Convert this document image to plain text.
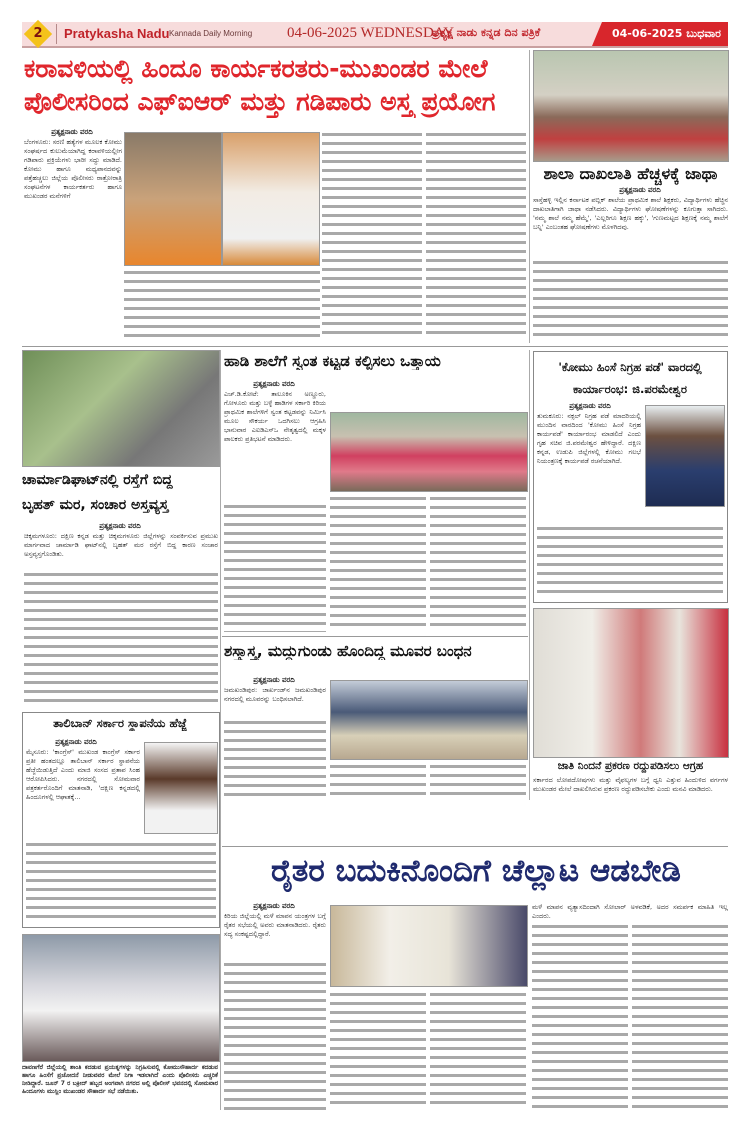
2	Pratykasha Nadu Kannada Daily Morning 04-06-2025 WEDNESDAY
ಪ್ರತ್ಯಕ್ಷ ನಾಡು ಕನ್ನಡ ದಿನ ಪತ್ರಿಕೆ	04-06-2025 ಬುಧವಾರ
ಕರಾವಳಿಯಲ್ಲಿ ಹಿಂದೂ ಕಾರ್ಯಕರತರು-ಮುಖಂಡರ ಮೇಲೆ
ಪೊಲೀಸರಿಂದ ಎಫ್‌ಐಆರ್ ಮತ್ತು ಗಡಿಪಾರು ಅಸ್ತ್ರ ಪ್ರಯೋಗ
ಪ್ರತ್ಯಕ್ಷನಾಡು ವರದಿ
ಬೆಂಗಳೂರು: ಸರಣಿ ಹತ್ಯೆಗಳ ಮೂಲಕ ಕೋಮು ಸಂಘರ್ಷದ ಕುಲುಮೆಯಾಗಿದ್ದ ಕರಾವಳಿಯಲ್ಲೀಗ ಗಡಿಪಾರು ಪ್ರಕ್ರಿಯೆಗಳು ಭಾರೀ ಸದ್ದು ಮಾಡಿದೆ. ಕೋಮು ಹಾಗೂ ಮಧ್ಯಪಾನದವನ್ನು ಪತ್ತೆಹಚ್ಚಲು ಜಿಲ್ಲೆಯ ಪೊಲೀಸರು ರಾತ್ರೋರಾತ್ರಿ ಸಂಘಟನೆಗಳ ಕಾರ್ಯಕರ್ತರು ಹಾಗೂ ಮುಖಂಡರ ಮನೆಗಳಿಗೆ
ಶಾಲಾ ದಾಖಲಾತಿ ಹೆಚ್ಚಳಕ್ಕೆ ಜಾಥಾ
ಪ್ರತ್ಯಕ್ಷನಾಡು ವರದಿ
ಸಾಸ್ತೆಹಳ್ಳಿ ಇಲ್ಲಿನ ಕರ್ನಾಟಕ ಪಬ್ಲಿಕ್ ಶಾಲೆಯ ಪ್ರಾಥಮಿಕ ಶಾಲೆ ಶಿಕ್ಷಕರು, ವಿದ್ಯಾರ್ಥಿಗಳು ಹೆಚ್ಚಿನ ದಾಖಲಾತಿಗಾಗಿ ಜಾಥಾ ನಡೆಸಿದರು. ವಿದ್ಯಾರ್ಥಿಗಳು ಘೋಷಣೆಗಳನ್ನು ಕೂಗುತ್ತಾ ಸಾಗಿದರು. 'ನಮ್ಮ ಶಾಲೆ ನಮ್ಮ ಹೆಮ್ಮೆ', 'ಎಲ್ಲರಿಗೂ ಶಿಕ್ಷಣ ಹಕ್ಕು', 'ಗುಣಮಟ್ಟದ ಶಿಕ್ಷಣಕ್ಕೆ ನಮ್ಮ ಶಾಲೆಗೆ ಬನ್ನಿ' ಎಂಬಂತಹ ಘೋಷಣೆಗಳು ಮೊಳಗಿದವು.
ಚಾರ್ಮಾಡಿಘಾಟ್‌ನಲ್ಲಿ ರಸ್ತೆಗೆ ಬಿದ್ದ
ಬೃಹತ್ ಮರ, ಸಂಚಾರ ಅಸ್ತವ್ಯಸ್ತ
ಪ್ರತ್ಯಕ್ಷನಾಡು ವರದಿ
ಚಿಕ್ಕಮಗಳೂರು: ದಕ್ಷಿಣ ಕನ್ನಡ ಮತ್ತು ಚಿಕ್ಕಮಗಳೂರು ಜಿಲ್ಲೆಗಳನ್ನು ಸಂಪರ್ಕಿಸುವ ಪ್ರಮುಖ ಮಾರ್ಗವಾದ ಚಾರ್ಮಾಡಿ ಘಾಟ್‌ನಲ್ಲಿ ಬೃಹತ್ ಮರ ರಸ್ತೆಗೆ ಬಿದ್ದ ಕಾರಣ ಸಂಚಾರ ಅಸ್ತವ್ಯಸ್ತಗೊಂಡಿತು.
ಹಾಡಿ ಶಾಲೆಗೆ ಸ್ವಂತ ಕಟ್ಟಡ ಕಲ್ಪಿಸಲು ಒತ್ತಾಯ
ಪ್ರತ್ಯಕ್ಷನಾಡು ವರದಿ
ಎಚ್.ಡಿ.ಕೋಟೆ: ತಾಲೂಕಿನ ಅಣ್ಣೂರು, ಗೋಳೂರು ಮತ್ತು ಬಳ್ಳೆ ಹಾಡಿಗಳ ಸರ್ಕಾರಿ ಕಿರಿಯ ಪ್ರಾಥಮಿಕ ಶಾಲೆಗಳಿಗೆ ಸ್ವಂತ ಕಟ್ಟಡವನ್ನು ನಿರ್ಮಿಸಿ ಮೂಲ ಸೌಕರ್ಯ ಒದಗಿಸಲು ಆಗ್ರಹಿಸಿ ಭಾನುವಾರ ಎಐಡಿಎಸ್‌ಒ ನೇತೃತ್ವದಲ್ಲಿ ಮಕ್ಕಳ ಪಾಲಕರು ಪ್ರತಿಭಟನೆ ಮಾಡಿದರು.
'ಕೋಮು ಹಿಂಸೆ ನಿಗ್ರಹ ಪಡೆ' ವಾರದಲ್ಲಿ
ಕಾರ್ಯಾರಂಭ: ಜಿ.ಪರಮೇಶ್ವರ
ಪ್ರತ್ಯಕ್ಷನಾಡು ವರದಿ
ತುಮಕೂರು: ನಕ್ಸಲ್ ನಿಗ್ರಹ ಪಡೆ ಮಾದರಿಯಲ್ಲಿ ಮುಂದಿನ ವಾರದಿಂದ 'ಕೋಮು ಹಿಂಸೆ ನಿಗ್ರಹ ಕಾರ್ಯಪಡೆ' ಕಾರ್ಯಾರಂಭ ಮಾಡಲಿದೆ ಎಂದು ಗೃಹ ಸಚಿವ ಜಿ.ಪರಮೇಶ್ವರ ಹೇಳಿದ್ದಾರೆ. ದಕ್ಷಿಣ ಕನ್ನಡ, ಉಡುಪಿ ಜಿಲ್ಲೆಗಳಲ್ಲಿ ಕೋಮು ಗಲಭೆ ನಿಯಂತ್ರಣಕ್ಕೆ ಕಾರ್ಯಪಡೆ ರಚನೆಯಾಗಿದೆ.
ಶಸ್ತ್ರಾಸ್ತ್ರ, ಮದ್ದುಗುಂಡು ಹೊಂದಿದ್ದ ಮೂವರ ಬಂಧನ
ಪ್ರತ್ಯಕ್ಷನಾಡು ವರದಿ
ಜಮಖಂಡಿಪುರ: ಜಾರ್ಖಂಡ್‌ನ ಜಮಖಂಡಿಪುರ ನಗರದಲ್ಲಿ ಮೂವರನ್ನು ಬಂಧಿಸಲಾಗಿದೆ.
ಜಾತಿ ನಿಂದನೆ ಪ್ರಕರಣ ರದ್ದುಪಡಿಸಲು ಆಗ್ರಹ
ಸರ್ಕಾರದ ಲೋಪದೋಷಗಳು ಮತ್ತು ವೈಫಲ್ಯಗಳ ಬಗ್ಗೆ ಧ್ವನಿ ಎತ್ತುವ ಹಿಂದುಳಿದ ವರ್ಗಗಳ ಮುಖಂಡರ ಮೇಲೆ ದಾಖಲಿಸಿರುವ ಪ್ರಕರಣ ರದ್ದುಪಡಿಸಬೇಕು ಎಂದು ಮನವಿ ಮಾಡಿದರು.
ತಾಲಿಬಾನ್ ಸರ್ಕಾರ ಸ್ಥಾಪನೆಯ ಹೆಜ್ಜೆ
ಪ್ರತ್ಯಕ್ಷನಾಡು ವರದಿ
ಮೈಸೂರು: 'ಕಾಂಗ್ರೆಸ್' ಮುಖಂಡ ಕಾಂಗ್ರೆಸ್ ಸರ್ಕಾರ ಪ್ರತೀ ಹಂತದಲ್ಲೂ ತಾಲಿಬಾನ್ ಸರ್ಕಾರ ಸ್ಥಾಪನೆಯ ಹೆಜ್ಜೆಯಿಡುತ್ತಿದೆ ಎಂದು ಮಾಜಿ ಸಂಸದ ಪ್ರತಾಪ ಸಿಂಹ ಆರೋಪಿಸಿದರು. ನಗರದಲ್ಲಿ ಸೋಮವಾರ ಪತ್ರಕರ್ತರೊಂದಿಗೆ ಮಾತನಾಡಿ, 'ದಕ್ಷಿಣ ಕನ್ನಡದಲ್ಲಿ ಹಿಂದೂಗಳಲ್ಲಿ ಆಘಾತಕ್ಕೆ...
ದಾವಣಗೆರೆ ಜಿಲ್ಲೆಯಲ್ಲಿ ಶಾಂತಿ ಕದಡುವ ಪ್ರಯತ್ನಗಳನ್ನು ನಿಗ್ರಹಿಸುವಲ್ಲಿ ಕೋಮುಸೌಹಾರ್ದ ಕದಡುವ ಹಾಗೂ ಹಿಂಸೆಗೆ ಪ್ರಚೋದನೆ ನೀಡುವವರ ಮೇಲೆ ನಿಗಾ ಇಡಲಾಗಿದೆ ಎಂದು ಪೊಲೀಸರು ಎಚ್ಚರಿಕೆ ನೀಡಿದ್ದಾರೆ. ಜೂನ್ 7 ರ ಬಕ್ರೀದ್ ಹಬ್ಬದ ಅಂಗವಾಗಿ ನಗರದ ಅಲ್ಲಿ ಪೊಲೀಸ್ ಭವನದಲ್ಲಿ ಸೋಮವಾರ ಹಿಂದೂಗಳು ಮುಸ್ಲಿಂ ಮುಖಂಡರ ಸೌಹಾರ್ದ ಸಭೆ ನಡೆಯಿತು.
ರೈತರ ಬದುಕಿನೊಂದಿಗೆ ಚೆಲ್ಲಾಟ ಆಡಬೇಡಿ
ಪ್ರತ್ಯಕ್ಷನಾಡು ವರದಿ
ಕಿರಿಯ ಜಿಲ್ಲೆಯಲ್ಲಿ ಮಳೆ ಮಾಪನ ಯಂತ್ರಗಳ ಬಗ್ಗೆ ರೈತರ ಸಭೆಯಲ್ಲಿ ಅವರು ಮಾತನಾಡಿದರು. ರೈತರು ಸದ್ಯ ಸಂಕಷ್ಟದಲ್ಲಿದ್ದಾರೆ.
ಮಳೆ ಮಾಪನ ವ್ಯತ್ಯಾಸದಿಂದಾಗಿ ಸೋಲಾರ್ ಅಳವಡಿಕೆ, ಅದರ ಸಮರ್ಪಕ ಮಾಹಿತಿ ಇಲ್ಲ ಎಂದರು.
